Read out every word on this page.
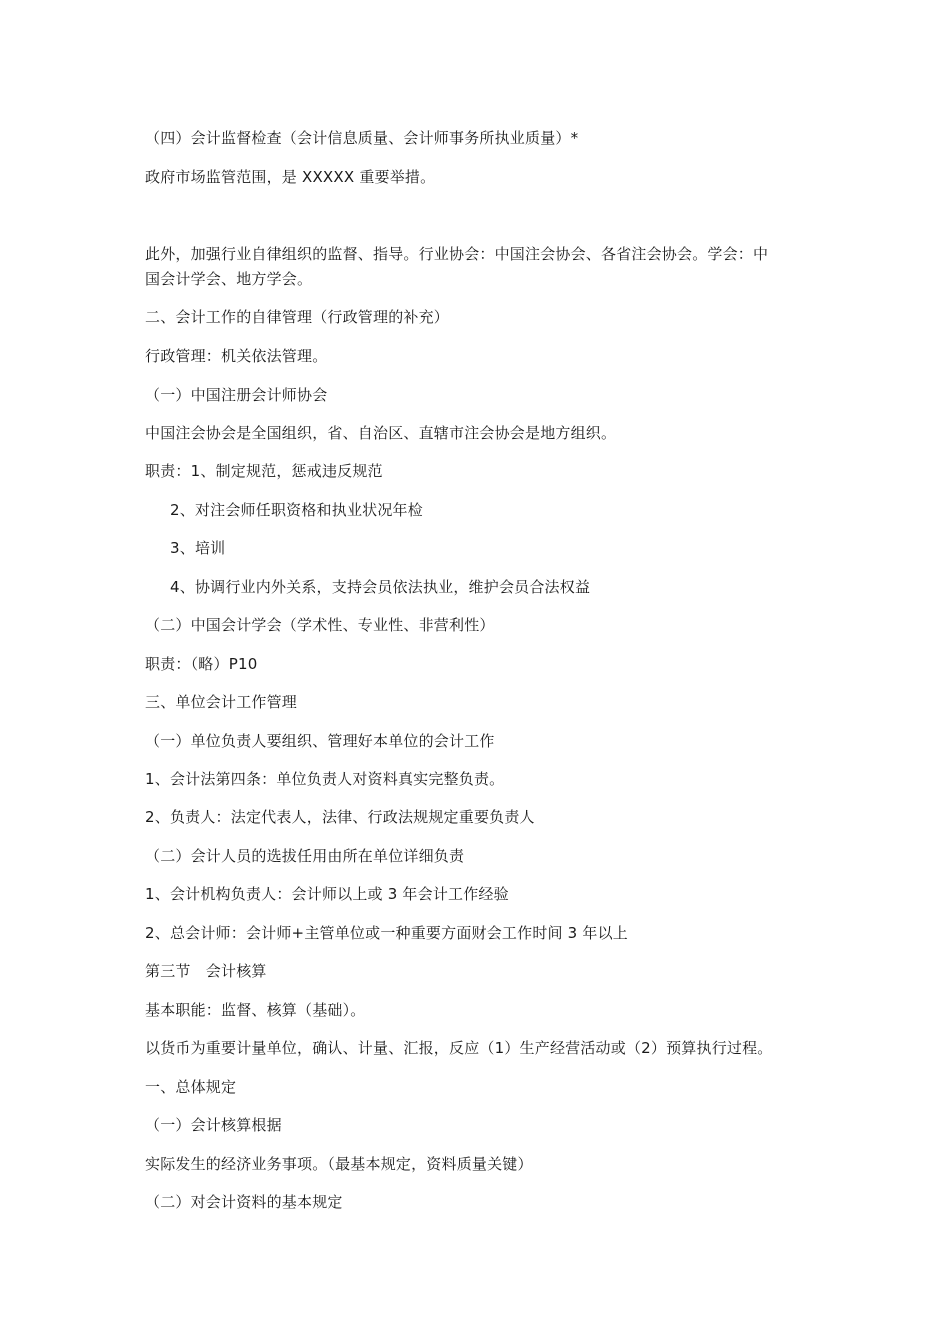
（四）会计监督检查（会计信息质量、会计师事务所执业质量）*
政府市场监管范围，是 XXXXX 重要举措。
此外，加强行业自律组织的监督、指导。行业协会：中国注会协会、各省注会协会。学会：中
国会计学会、地方学会。
二、会计工作的自律管理（行政管理的补充）
行政管理：机关依法管理。
（一）中国注册会计师协会
中国注会协会是全国组织，省、自治区、直辖市注会协会是地方组织。
职责：1、制定规范，惩戒违反规范
2、对注会师任职资格和执业状况年检
3、培训
4、协调行业内外关系，支持会员依法执业，维护会员合法权益
（二）中国会计学会（学术性、专业性、非营利性）
职责：（略）P10
三、单位会计工作管理
（一）单位负责人要组织、管理好本单位的会计工作
1、会计法第四条：单位负责人对资料真实完整负责。
2、负责人：法定代表人，法律、行政法规规定重要负责人
（二）会计人员的选拔任用由所在单位详细负责
1、会计机构负责人：会计师以上或 3 年会计工作经验
2、总会计师：会计师+主管单位或一种重要方面财会工作时间 3 年以上
第三节　会计核算
基本职能：监督、核算（基础）。
以货币为重要计量单位，确认、计量、汇报，反应（1）生产经营活动或（2）预算执行过程。
一、总体规定
（一）会计核算根据
实际发生的经济业务事项。（最基本规定，资料质量关键）
（二）对会计资料的基本规定
